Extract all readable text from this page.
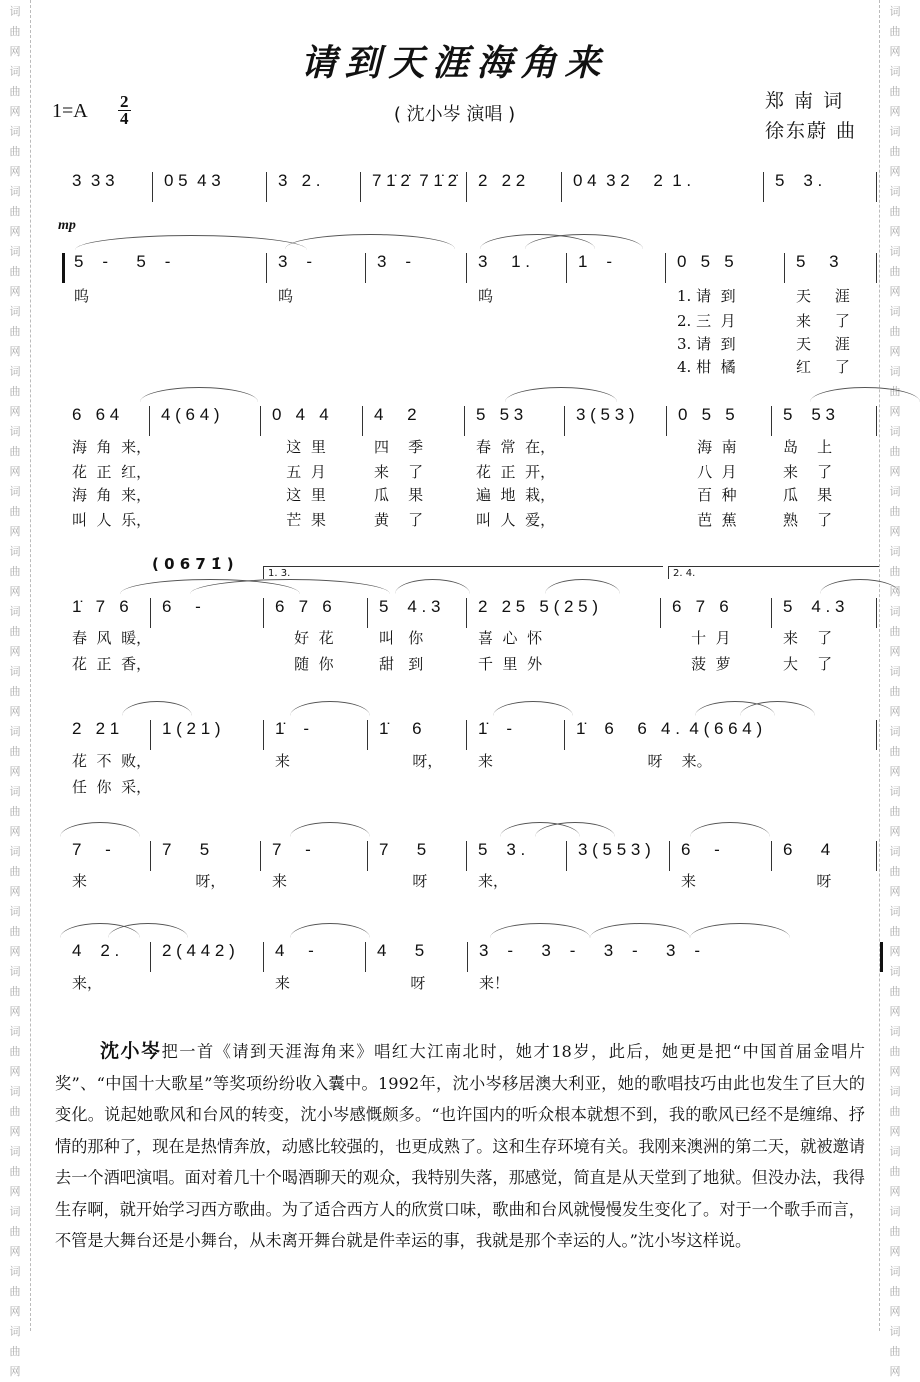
词
曲
网
词
曲
网
词
曲
网
词
曲
网
词
曲
网
词
曲
网
词
曲
网
词
曲
网
词
曲
网
词
曲
网
词
曲
网
词
曲
网
词
曲
网
词
曲
网
词
曲
网
词
曲
网
词
曲
网
词
曲
网
词
曲
网
词
曲
网
词
曲
网
词
曲
网
词
曲
网
词
曲
网
词
曲
网
词
曲
网
词
曲
网
词
曲
网
词
曲
网
词
曲
网
词
曲
网
词
曲
网
词
曲
网
词
曲
网
词
曲
网
词
曲
网
词
曲
网
词
曲
网
词
曲
网
词
曲
网
词
曲
网
词
曲
网
词
曲
网
词
曲
网
词
曲
网
词
曲
网
请到天涯海角来
1=A 2
4	( 沈小岑 演唱 )
郑 南 词
徐东蔚 曲
mp
( 0 6 7 1̇ )
1. 3.	2. 4.
3  3 3	0 5  4 3	3   2 .	7 1̇ 2̇  7 1̇ 2̇	2   2 2	0 4  3 2     2  1 .	5    3 .
5    -      5    -	3    -	3    -	3     1 .	1    -	0   5   5	5     3
呜	呜	呜	1. 请  到	天     涯
2. 三  月	来     了
3. 请  到	天     涯
4. 柑  橘	红     了
6   6 4	4 ( 6 4 )	0   4   4	4     2	5   5 3	3 ( 5 3 )	0   5   5	5    5 3
海  角  来，	这  里	四    季	春  常  在，	海  南	岛    上
花  正  红，	五  月	来    了	花  正  开，	八  月	来    了
海  角  来，	这  里	瓜    果	遍  地  栽，	百  种	瓜    果
叫  人  乐，	芒  果	黄    了	叫  人  爱，	芭  蕉	熟    了
1̇   7   6	6     -	6   7   6	5    4 . 3	2   2 5   5 ( 2 5 )	6   7   6	5    4 . 3
春  风  暖，	好  花	叫   你	喜  心  怀	十  月	来    了
花  正  香，	随  你	甜   到	千  里  外	菠  萝	大    了
2   2 1	1 ( 2 1 )	1̇    -	1̇     6	1̇    -	1̇    6     6   4 .  4 ( 6 6 4 )
花  不  败，	来	呀，	来	呀    来。
任  你  采，
7     -	7      5	7     -	7      5	5    3 .	3 ( 5 5 3 )	6     -	6      4
来	呀，	来	呀	来，	来	呀
4    2 .	2 ( 4 4 2 )	4     -	4      5	3    -      3    -      3    -      3    -
来，	来	呀	来！
沈小岑把一首《请到天涯海角来》唱红大江南北时，她才18岁，此后，她更是把“中国首届金唱片奖”、“中国十大歌星”等奖项纷纷收入囊中。1992年，沈小岑移居澳大利亚，她的歌唱技巧由此也发生了巨大的变化。说起她歌风和台风的转变，沈小岑感慨颇多。“也许国内的听众根本就想不到，我的歌风已经不是缠绵、抒情的那种了，现在是热情奔放，动感比较强的，也更成熟了。这和生存环境有关。我刚来澳洲的第二天，就被邀请去一个酒吧演唱。面对着几十个喝酒聊天的观众，我特别失落，那感觉，简直是从天堂到了地狱。但没办法，我得生存啊，就开始学习西方歌曲。为了适合西方人的欣赏口味，歌曲和台风就慢慢发生变化了。对于一个歌手而言，不管是大舞台还是小舞台，从未离开舞台就是件幸运的事，我就是那个幸运的人。”沈小岑这样说。
